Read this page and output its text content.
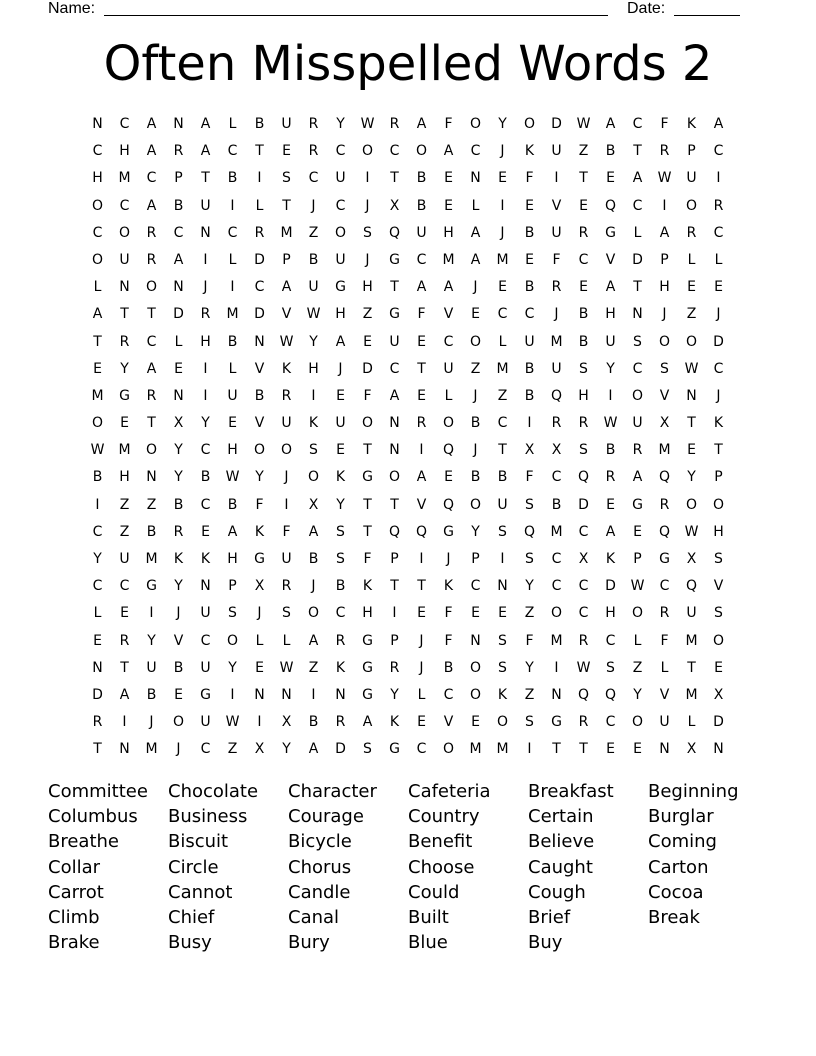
Name:	Date:
Often Misspelled Words 2
N	C	A	N	A	L	B	U	R	Y	W	R	A	F	O	Y	O	D	W	A	C	F	K	A
C	H	A	R	A	C	T	E	R	C	O	C	O	A	C	J	K	U	Z	B	T	R	P	C
H	M	C	P	T	B	I	S	C	U	I	T	B	E	N	E	F	I	T	E	A	W	U	I
O	C	A	B	U	I	L	T	J	C	J	X	B	E	L	I	E	V	E	Q	C	I	O	R
C	O	R	C	N	C	R	M	Z	O	S	Q	U	H	A	J	B	U	R	G	L	A	R	C
O	U	R	A	I	L	D	P	B	U	J	G	C	M	A	M	E	F	C	V	D	P	L	L
L	N	O	N	J	I	C	A	U	G	H	T	A	A	J	E	B	R	E	A	T	H	E	E
A	T	T	D	R	M	D	V	W	H	Z	G	F	V	E	C	C	J	B	H	N	J	Z	J
T	R	C	L	H	B	N	W	Y	A	E	U	E	C	O	L	U	M	B	U	S	O	O	D
E	Y	A	E	I	L	V	K	H	J	D	C	T	U	Z	M	B	U	S	Y	C	S	W	C
M	G	R	N	I	U	B	R	I	E	F	A	E	L	J	Z	B	Q	H	I	O	V	N	J
O	E	T	X	Y	E	V	U	K	U	O	N	R	O	B	C	I	R	R	W	U	X	T	K
W	M	O	Y	C	H	O	O	S	E	T	N	I	Q	J	T	X	X	S	B	R	M	E	T
B	H	N	Y	B	W	Y	J	O	K	G	O	A	E	B	B	F	C	Q	R	A	Q	Y	P
I	Z	Z	B	C	B	F	I	X	Y	T	T	V	Q	O	U	S	B	D	E	G	R	O	O
C	Z	B	R	E	A	K	F	A	S	T	Q	Q	G	Y	S	Q	M	C	A	E	Q	W	H
Y	U	M	K	K	H	G	U	B	S	F	P	I	J	P	I	S	C	X	K	P	G	X	S
C	C	G	Y	N	P	X	R	J	B	K	T	T	K	C	N	Y	C	C	D	W	C	Q	V
L	E	I	J	U	S	J	S	O	C	H	I	E	F	E	E	Z	O	C	H	O	R	U	S
E	R	Y	V	C	O	L	L	A	R	G	P	J	F	N	S	F	M	R	C	L	F	M	O
N	T	U	B	U	Y	E	W	Z	K	G	R	J	B	O	S	Y	I	W	S	Z	L	T	E
D	A	B	E	G	I	N	N	I	N	G	Y	L	C	O	K	Z	N	Q	Q	Y	V	M	X
R	I	J	O	U	W	I	X	B	R	A	K	E	V	E	O	S	G	R	C	O	U	L	D
T	N	M	J	C	Z	X	Y	A	D	S	G	C	O	M	M	I	T	T	E	E	N	X	N
Committee	Chocolate	Character	Cafeteria	Breakfast	Beginning
Columbus	Business	Courage	Country	Certain	Burglar
Breathe	Biscuit	Bicycle	Benefit	Believe	Coming
Collar	Circle	Chorus	Choose	Caught	Carton
Carrot	Cannot	Candle	Could	Cough	Cocoa
Climb	Chief	Canal	Built	Brief	Break
Brake	Busy	Bury	Blue	Buy
